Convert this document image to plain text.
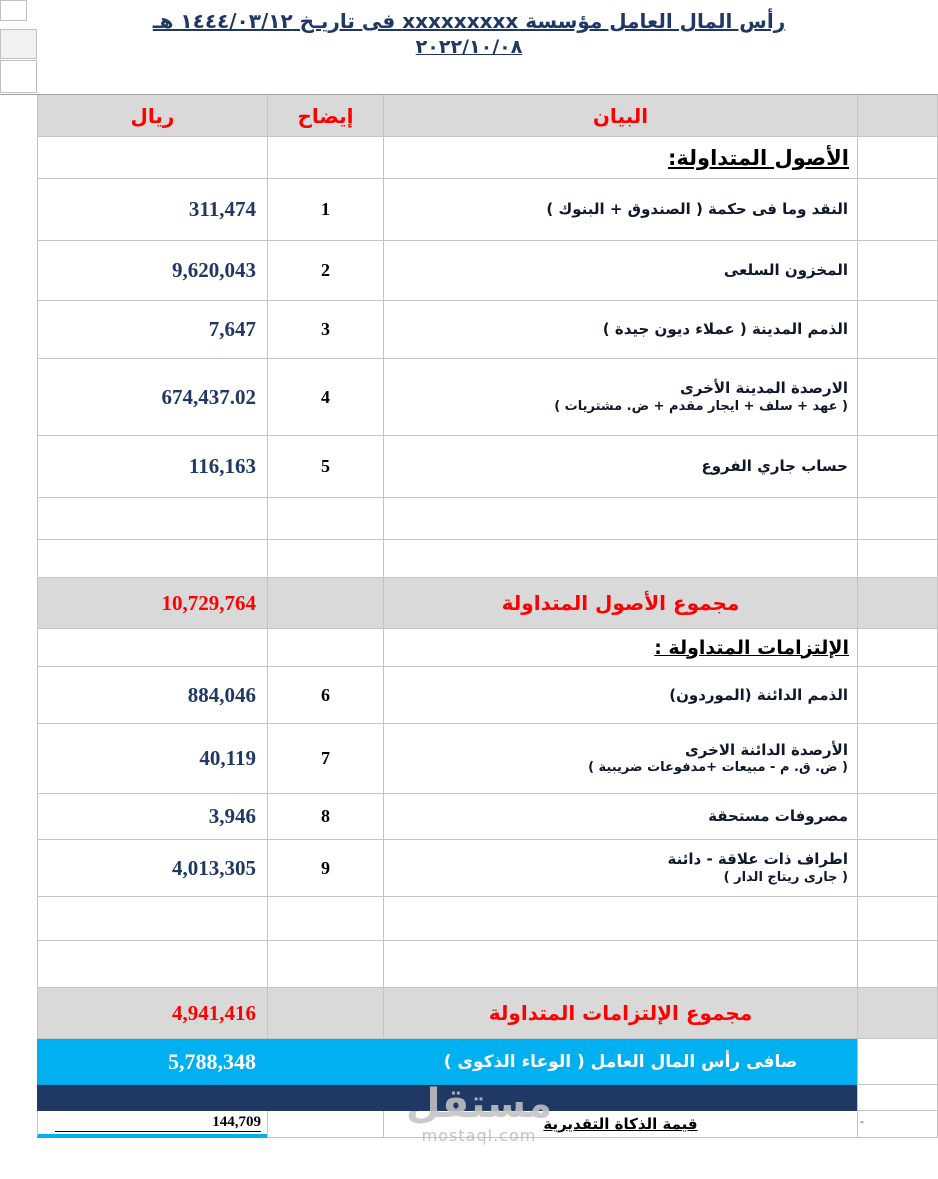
رأس المال العامل مؤسسة xxxxxxxxx فى تاريـخ ١٤٤٤/٠٣/١٢ هـ
٢٠٢٢/١٠/٠٨
البيان
إيضاح
ريال
الأصول المتداولة:
النقد وما فى حكمة ( الصندوق + البنوك )
1
311,474
المخزون السلعى
2
9,620,043
الذمم المدينة ( عملاء ديون جيدة )
3
7,647
الارصدة المدينة الأخرى
( عهد + سلف + ايجار مقدم + ض. مشتريات )
4
674,437.02
حساب جاري الفروع
5
116,163
مجموع الأصول المتداولة
10,729,764
الإلتزامات المتداولة :
الذمم الدائنة (الموردون)
6
884,046
الأرصدة الدائنة الاخرى
( ض. ق. م - مبيعات +مدفوعات ضريبية )
7
40,119
مصروفات مستحقة
8
3,946
اطراف ذات علاقة - دائنة
( جارى ريتاج الدار )
9
4,013,305
مجموع الإلتزامات المتداولة
4,941,416
صافى رأس المال العامل ( الوعاء الذكوى )
5,788,348
-
قيمة الذكاة التقديرية
144,709	مستقل
mostaql.com
